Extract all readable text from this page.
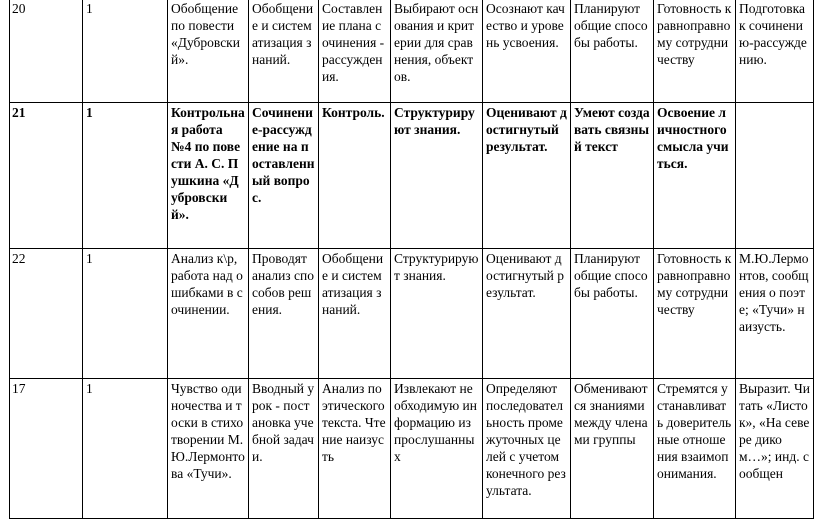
20	1	Обобщение по повести «Дубровский».	Обобщение и систематизация знаний.	Составление плана сочинения - рассуждения.	Выбирают основания и критерии для сравнения, объектов.	Осознают качество и уровень усвоения.	Планируют общие способы работы.	Готовность к равноправному сотрудничеству	Подготовка к сочинению-рассуждению.
21	1	Контрольная работа №4 по повести А. С. Пушкина «Дубровский».	Сочинение-рассуждение на поставленный вопрос.	Контроль.	Структурируют знания.	Оценивают достигнутый результат.	Умеют создавать связный текст	Освоение личностного смысла учиться.	
22	1	Анализ к\р, работа над ошибками в сочинении.	Проводят анализ способов решения.	Обобщение и систематизация знаний.	Структурируют знания.	Оценивают достигнутый результат.	Планируют общие способы работы.	Готовность к равноправному сотрудничеству	М.Ю.Лермонтов, сообщения о поэте; «Тучи» наизусть.
17	1	Чувство одиночества и тоски в стихотворении М.Ю.Лермонтова «Тучи».	Вводный урок - постановка учебной задачи.	Анализ поэтического текста. Чтение наизусть	Извлекают необходимую информацию из прослушанных	Определяют последовательность промежуточных целей с учетом конечного результата.	Обмениваются знаниями между членами группы	Стремятся устанавливать доверительные отношения взаимопонимания.	Выразит. Читать «Листок», «На севере диком…»; инд. сообщен
